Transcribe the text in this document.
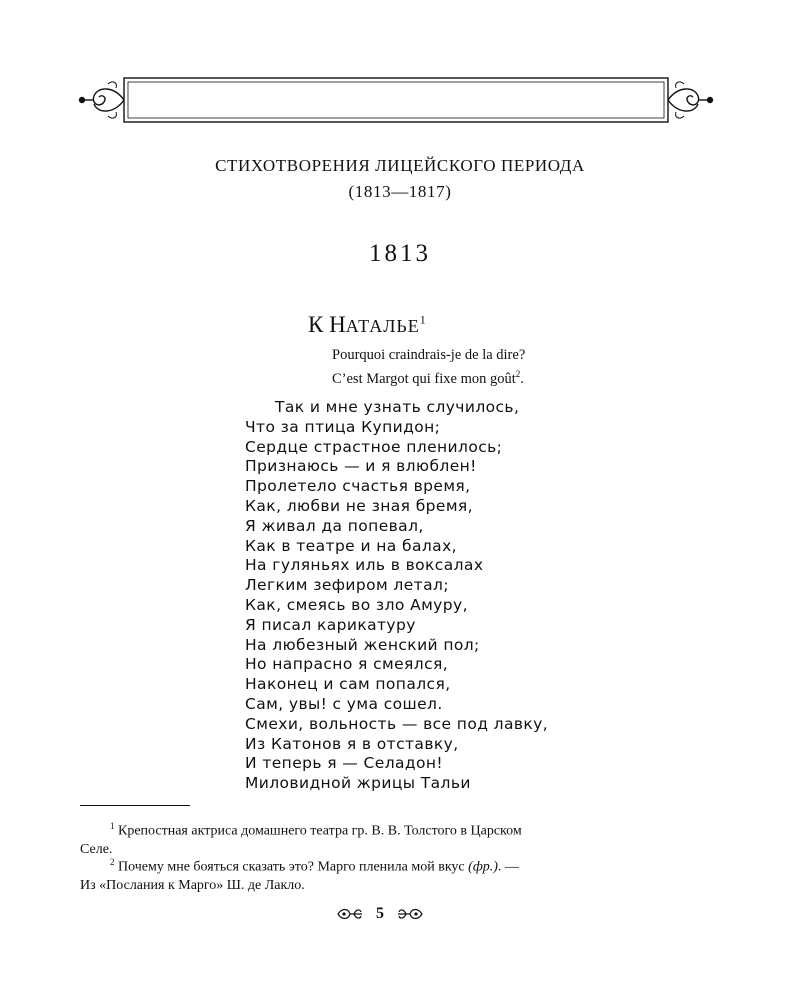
СТИХОТВОРЕНИЯ ЛИЦЕЙСКОГО ПЕРИОДА
(1813—1817)
1813
К НАТАЛЬЕ$^1$
Pourquoi craindrais-je de la dire?
C’est Margot qui fixe mon goût$^2$.
Так и мне узнать случилось,
Что за птица Купидон;
Сердце страстное пленилось;
Признаюсь — и я влюблен!
Пролетело счастья время,
Как, любви не зная бремя,
Я живал да попевал,
Как в театре и на балах,
На гуляньях иль в воксалах
Легким зефиром летал;
Как, смеясь во зло Амуру,
Я писал карикатуру
На любезный женский пол;
Но напрасно я смеялся,
Наконец и сам попался,
Сам, увы! с ума сошел.
Смехи, вольность — все под лавку,
Из Катонов я в отставку,
И теперь я — Селадон!
Миловидной жрицы Тальи
$^1$ Крепостная актриса домашнего театра гр. В. В. Толстого в Царском
Селе.
$^2$ Почему мне бояться сказать это? Марго пленила мой вкус (фр.). —
Из «Послания к Марго» Ш. де Лакло.
5
